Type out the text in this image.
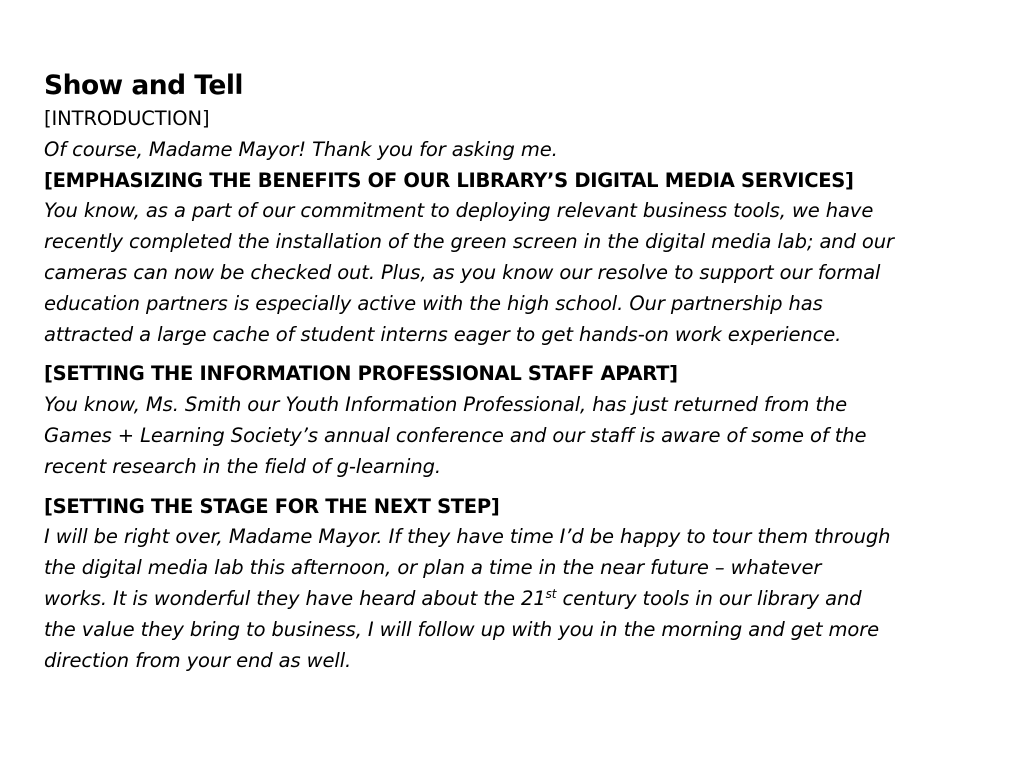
Show and Tell
[INTRODUCTION]
Of course, Madame Mayor! Thank you for asking me.
[EMPHASIZING THE BENEFITS OF OUR LIBRARY’S DIGITAL MEDIA SERVICES]
You know, as a part of our commitment to deploying relevant business tools, we have
recently completed the installation of the green screen in the digital media lab; and our
cameras can now be checked out. Plus, as you know our resolve to support our formal
education partners is especially active with the high school. Our partnership has
attracted a large cache of student interns eager to get hands-on work experience.
[SETTING THE INFORMATION PROFESSIONAL STAFF APART]
You know, Ms. Smith our Youth Information Professional, has just returned from the
Games + Learning Society’s annual conference and our staff is aware of some of the
recent research in the field of g-learning.
[SETTING THE STAGE FOR THE NEXT STEP]
I will be right over, Madame Mayor. If they have time I’d be happy to tour them through
the digital media lab this afternoon, or plan a time in the near future – whatever
works. It is wonderful they have heard about the 21st century tools in our library and
the value they bring to business, I will follow up with you in the morning and get more
direction from your end as well.
